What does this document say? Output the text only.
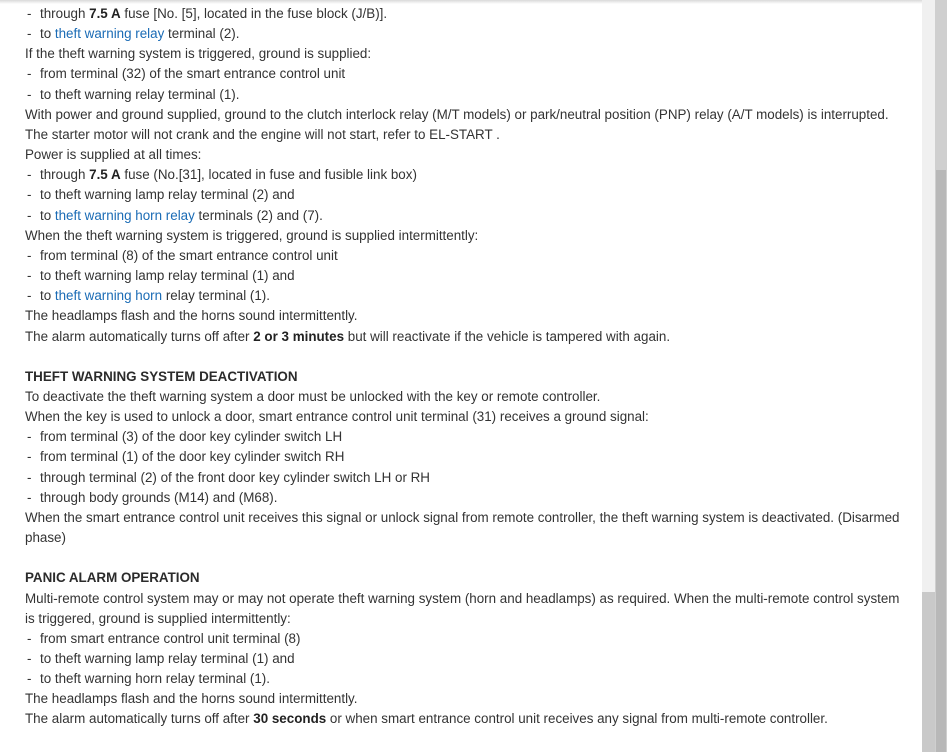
- through 7.5 A fuse [No. [5], located in the fuse block (J/B)].
- to theft warning relay terminal (2).
If the theft warning system is triggered, ground is supplied:
- from terminal (32) of the smart entrance control unit
- to theft warning relay terminal (1).
With power and ground supplied, ground to the clutch interlock relay (M/T models) or park/neutral position (PNP) relay (A/T models) is interrupted. The starter motor will not crank and the engine will not start, refer to EL-START .
Power is supplied at all times:
- through 7.5 A fuse (No.[31], located in fuse and fusible link box)
- to theft warning lamp relay terminal (2) and
- to theft warning horn relay terminals (2) and (7).
When the theft warning system is triggered, ground is supplied intermittently:
- from terminal (8) of the smart entrance control unit
- to theft warning lamp relay terminal (1) and
- to theft warning horn relay terminal (1).
The headlamps flash and the horns sound intermittently.
The alarm automatically turns off after 2 or 3 minutes but will reactivate if the vehicle is tampered with again.
THEFT WARNING SYSTEM DEACTIVATION
To deactivate the theft warning system a door must be unlocked with the key or remote controller.
When the key is used to unlock a door, smart entrance control unit terminal (31) receives a ground signal:
- from terminal (3) of the door key cylinder switch LH
- from terminal (1) of the door key cylinder switch RH
- through terminal (2) of the front door key cylinder switch LH or RH
- through body grounds (M14) and (M68).
When the smart entrance control unit receives this signal or unlock signal from remote controller, the theft warning system is deactivated. (Disarmed phase)
PANIC ALARM OPERATION
Multi-remote control system may or may not operate theft warning system (horn and headlamps) as required. When the multi-remote control system is triggered, ground is supplied intermittently:
- from smart entrance control unit terminal (8)
- to theft warning lamp relay terminal (1) and
- to theft warning horn relay terminal (1).
The headlamps flash and the horns sound intermittently.
The alarm automatically turns off after 30 seconds or when smart entrance control unit receives any signal from multi-remote controller.
